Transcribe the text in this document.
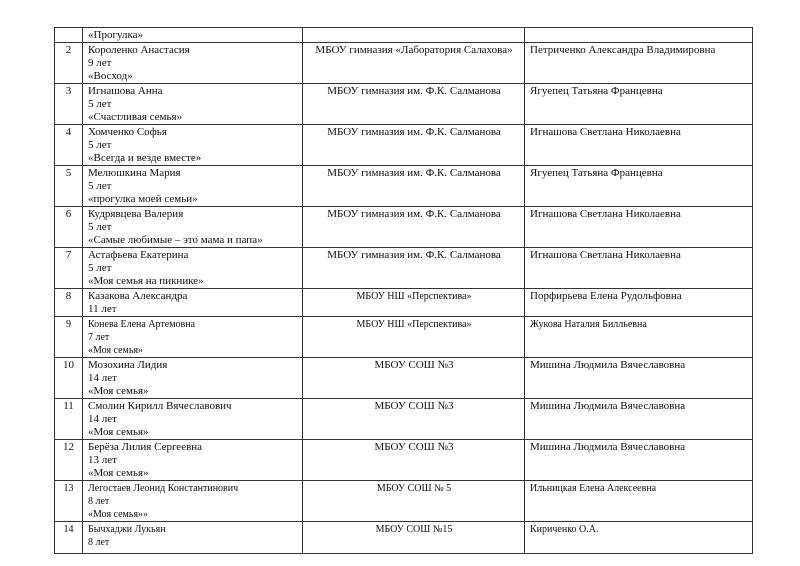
	«Прогулка»		

2	Короленко Анастасия
9 лет
«Восход»	МБОУ гимназия «Лаборатория Салахова»	Петриченко Александра Владимировна

3	Игнашова Анна
5 лет
«Счастливая семья»	МБОУ гимназия им. Ф.К. Салманова	Ягуепец Татьяна Францевна

4	Хомченко Софья
5 лет
«Всегда и везде вместе»	МБОУ гимназия им. Ф.К. Салманова	Игнашова Светлана Николаевна

5	Мелюшкина Мария
5 лет
«прогулка моей семьи»	МБОУ гимназия им. Ф.К. Салманова	Ягуепец Татьяна Францевна

6	Кудрявцева Валерия
5 лет
«Самые любимые – это мама и папа»	МБОУ гимназия им. Ф.К. Салманова	Игнашова Светлана Николаевна

7	Астафьева Екатерина
5 лет
«Моя семья на пикнике»	МБОУ гимназия им. Ф.К. Салманова	Игнашова Светлана Николаевна

8	Казакова Александра
11 лет	МБОУ НШ «Перспектива»	Порфирьева Елена Рудольфовна

9	Конева Елена Артемовна
7 лет
«Моя семья»	МБОУ НШ «Перспектива»	Жукова Наталия Билльевна

10	Мозохина Лидия
14 лет
«Моя семья»	МБОУ СОШ №3	Мишина Людмила Вячеславовна

11	Смолин Кирилл Вячеславович
14 лет
«Моя семья»	МБОУ СОШ №3	Мишина Людмила Вячеславовна

12	Берёза Лилия Сергеевна
13 лет
«Моя семья»	МБОУ СОШ №3	Мишина Людмила Вячеславовна

13	Легостаев Леонид Константинович
8 лет
«Моя семья»»	МБОУ СОШ № 5	Ильницкая Елена Алексеевна

14	Бычхаджи Лукьян
8 лет	МБОУ СОШ №15	Кириченко О.А.
